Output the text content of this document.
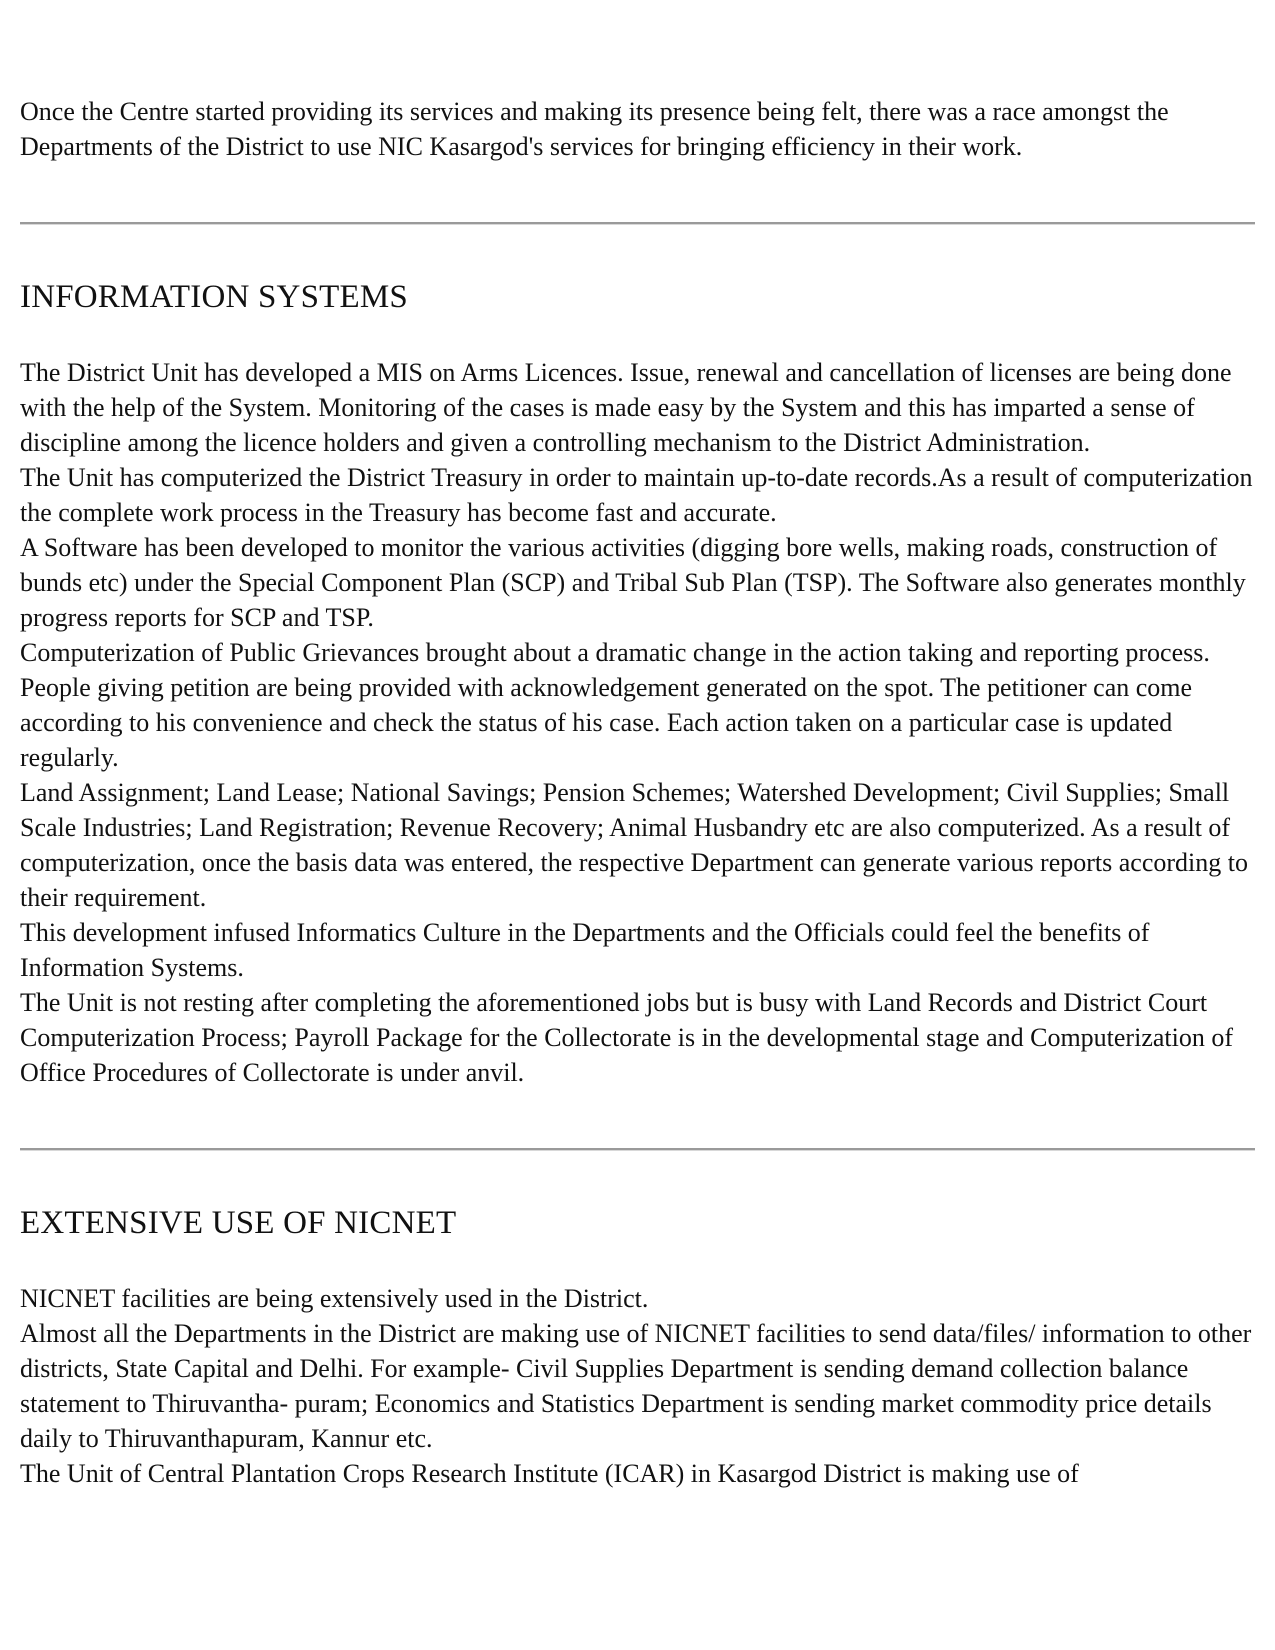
Once the Centre started providing its services and making its presence being felt, there was a race amongst the Departments of the District to use NIC Kasargod's services for bringing efficiency in their work.

INFORMATION SYSTEMS

The District Unit has developed a MIS on Arms Licences. Issue, renewal and cancellation of licenses are being done with the help of the System. Monitoring of the cases is made easy by the System and this has imparted a sense of discipline among the licence holders and given a controlling mechanism to the District Administration.

The Unit has computerized the District Treasury in order to maintain up-to-date records.As a result of computerization the complete work process in the Treasury has become fast and accurate.

A Software has been developed to monitor the various activities (digging bore wells, making roads, construction of bunds etc) under the Special Component Plan (SCP) and Tribal Sub Plan (TSP). The Software also generates monthly progress reports for SCP and TSP.

Computerization of Public Grievances brought about a dramatic change in the action taking and reporting process. People giving petition are being provided with acknowledgement generated on the spot. The petitioner can come according to his convenience and check the status of his case. Each action taken on a particular case is updated regularly.

Land Assignment; Land Lease; National Savings; Pension Schemes; Watershed Development; Civil Supplies; Small Scale Industries; Land Registration; Revenue Recovery; Animal Husbandry etc are also computerized. As a result of computerization, once the basis data was entered, the respective Department can generate various reports according to their requirement.

This development infused Informatics Culture in the Departments and the Officials could feel the benefits of Information Systems.

The Unit is not resting after completing the aforementioned jobs but is busy with Land Records and District Court Computerization Process; Payroll Package for the Collectorate is in the developmental stage and Computerization of Office Procedures of Collectorate is under anvil.

EXTENSIVE USE OF NICNET

NICNET facilities are being extensively used in the District.

Almost all the Departments in the District are making use of NICNET facilities to send data/files/ information to other districts, State Capital and Delhi. For example- Civil Supplies Department is sending demand collection balance statement to Thiruvantha- puram; Economics and Statistics Department is sending market commodity price details daily to Thiruvanthapuram, Kannur etc.

The Unit of Central Plantation Crops Research Institute (ICAR) in Kasargod District is making use of
